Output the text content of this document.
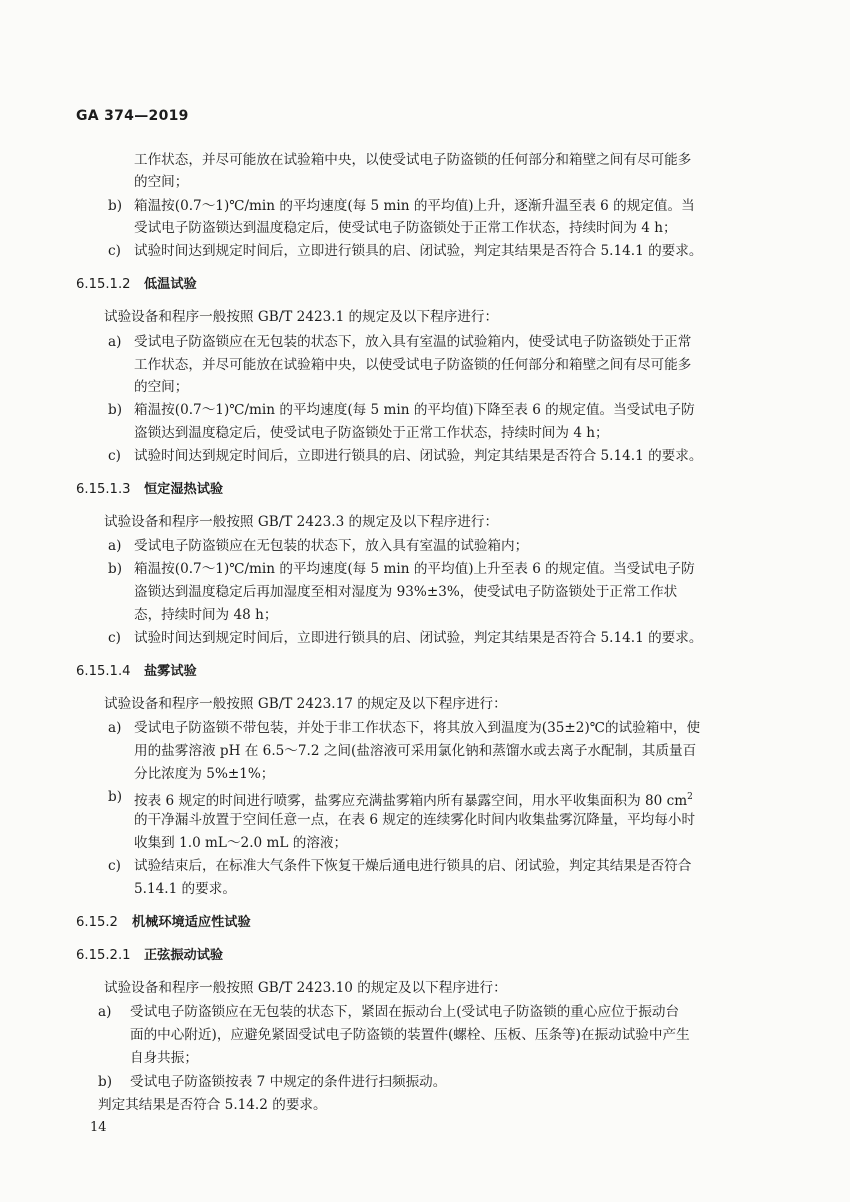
GA 374—2019
工作状态，并尽可能放在试验箱中央，以使受试电子防盗锁的任何部分和箱壁之间有尽可能多
的空间；
b) 箱温按(0.7～1)℃/min 的平均速度(每 5 min 的平均值)上升，逐渐升温至表 6 的规定值。当
受试电子防盗锁达到温度稳定后，使受试电子防盗锁处于正常工作状态，持续时间为 4 h；
c) 试验时间达到规定时间后，立即进行锁具的启、闭试验，判定其结果是否符合 5.14.1 的要求。
6.15.1.2 低温试验
试验设备和程序一般按照 GB/T 2423.1 的规定及以下程序进行：
a) 受试电子防盗锁应在无包装的状态下，放入具有室温的试验箱内，使受试电子防盗锁处于正常
工作状态，并尽可能放在试验箱中央，以使受试电子防盗锁的任何部分和箱壁之间有尽可能多
的空间；
b) 箱温按(0.7～1)℃/min 的平均速度(每 5 min 的平均值)下降至表 6 的规定值。当受试电子防
盗锁达到温度稳定后，使受试电子防盗锁处于正常工作状态，持续时间为 4 h；
c) 试验时间达到规定时间后，立即进行锁具的启、闭试验，判定其结果是否符合 5.14.1 的要求。
6.15.1.3 恒定湿热试验
试验设备和程序一般按照 GB/T 2423.3 的规定及以下程序进行：
a) 受试电子防盗锁应在无包装的状态下，放入具有室温的试验箱内；
b) 箱温按(0.7～1)℃/min 的平均速度(每 5 min 的平均值)上升至表 6 的规定值。当受试电子防
盗锁达到温度稳定后再加湿度至相对湿度为 93%±3%，使受试电子防盗锁处于正常工作状
态，持续时间为 48 h；
c) 试验时间达到规定时间后，立即进行锁具的启、闭试验，判定其结果是否符合 5.14.1 的要求。
6.15.1.4 盐雾试验
试验设备和程序一般按照 GB/T 2423.17 的规定及以下程序进行：
a) 受试电子防盗锁不带包装，并处于非工作状态下，将其放入到温度为(35±2)℃的试验箱中，使
用的盐雾溶液 pH 在 6.5～7.2 之间(盐溶液可采用氯化钠和蒸馏水或去离子水配制，其质量百
分比浓度为 5%±1%；
b) 按表 6 规定的时间进行喷雾，盐雾应充满盐雾箱内所有暴露空间，用水平收集面积为 80 $cm^2$
的干净漏斗放置于空间任意一点，在表 6 规定的连续雾化时间内收集盐雾沉降量，平均每小时
收集到 1.0 mL～2.0 mL 的溶液；
c) 试验结束后，在标准大气条件下恢复干燥后通电进行锁具的启、闭试验，判定其结果是否符合
5.14.1 的要求。
6.15.2 机械环境适应性试验
6.15.2.1 正弦振动试验
试验设备和程序一般按照 GB/T 2423.10 的规定及以下程序进行：
a) 受试电子防盗锁应在无包装的状态下，紧固在振动台上(受试电子防盗锁的重心应位于振动台
面的中心附近)，应避免紧固受试电子防盗锁的装置件(螺栓、压板、压条等)在振动试验中产生
自身共振；
b) 受试电子防盗锁按表 7 中规定的条件进行扫频振动。
判定其结果是否符合 5.14.2 的要求。
14
